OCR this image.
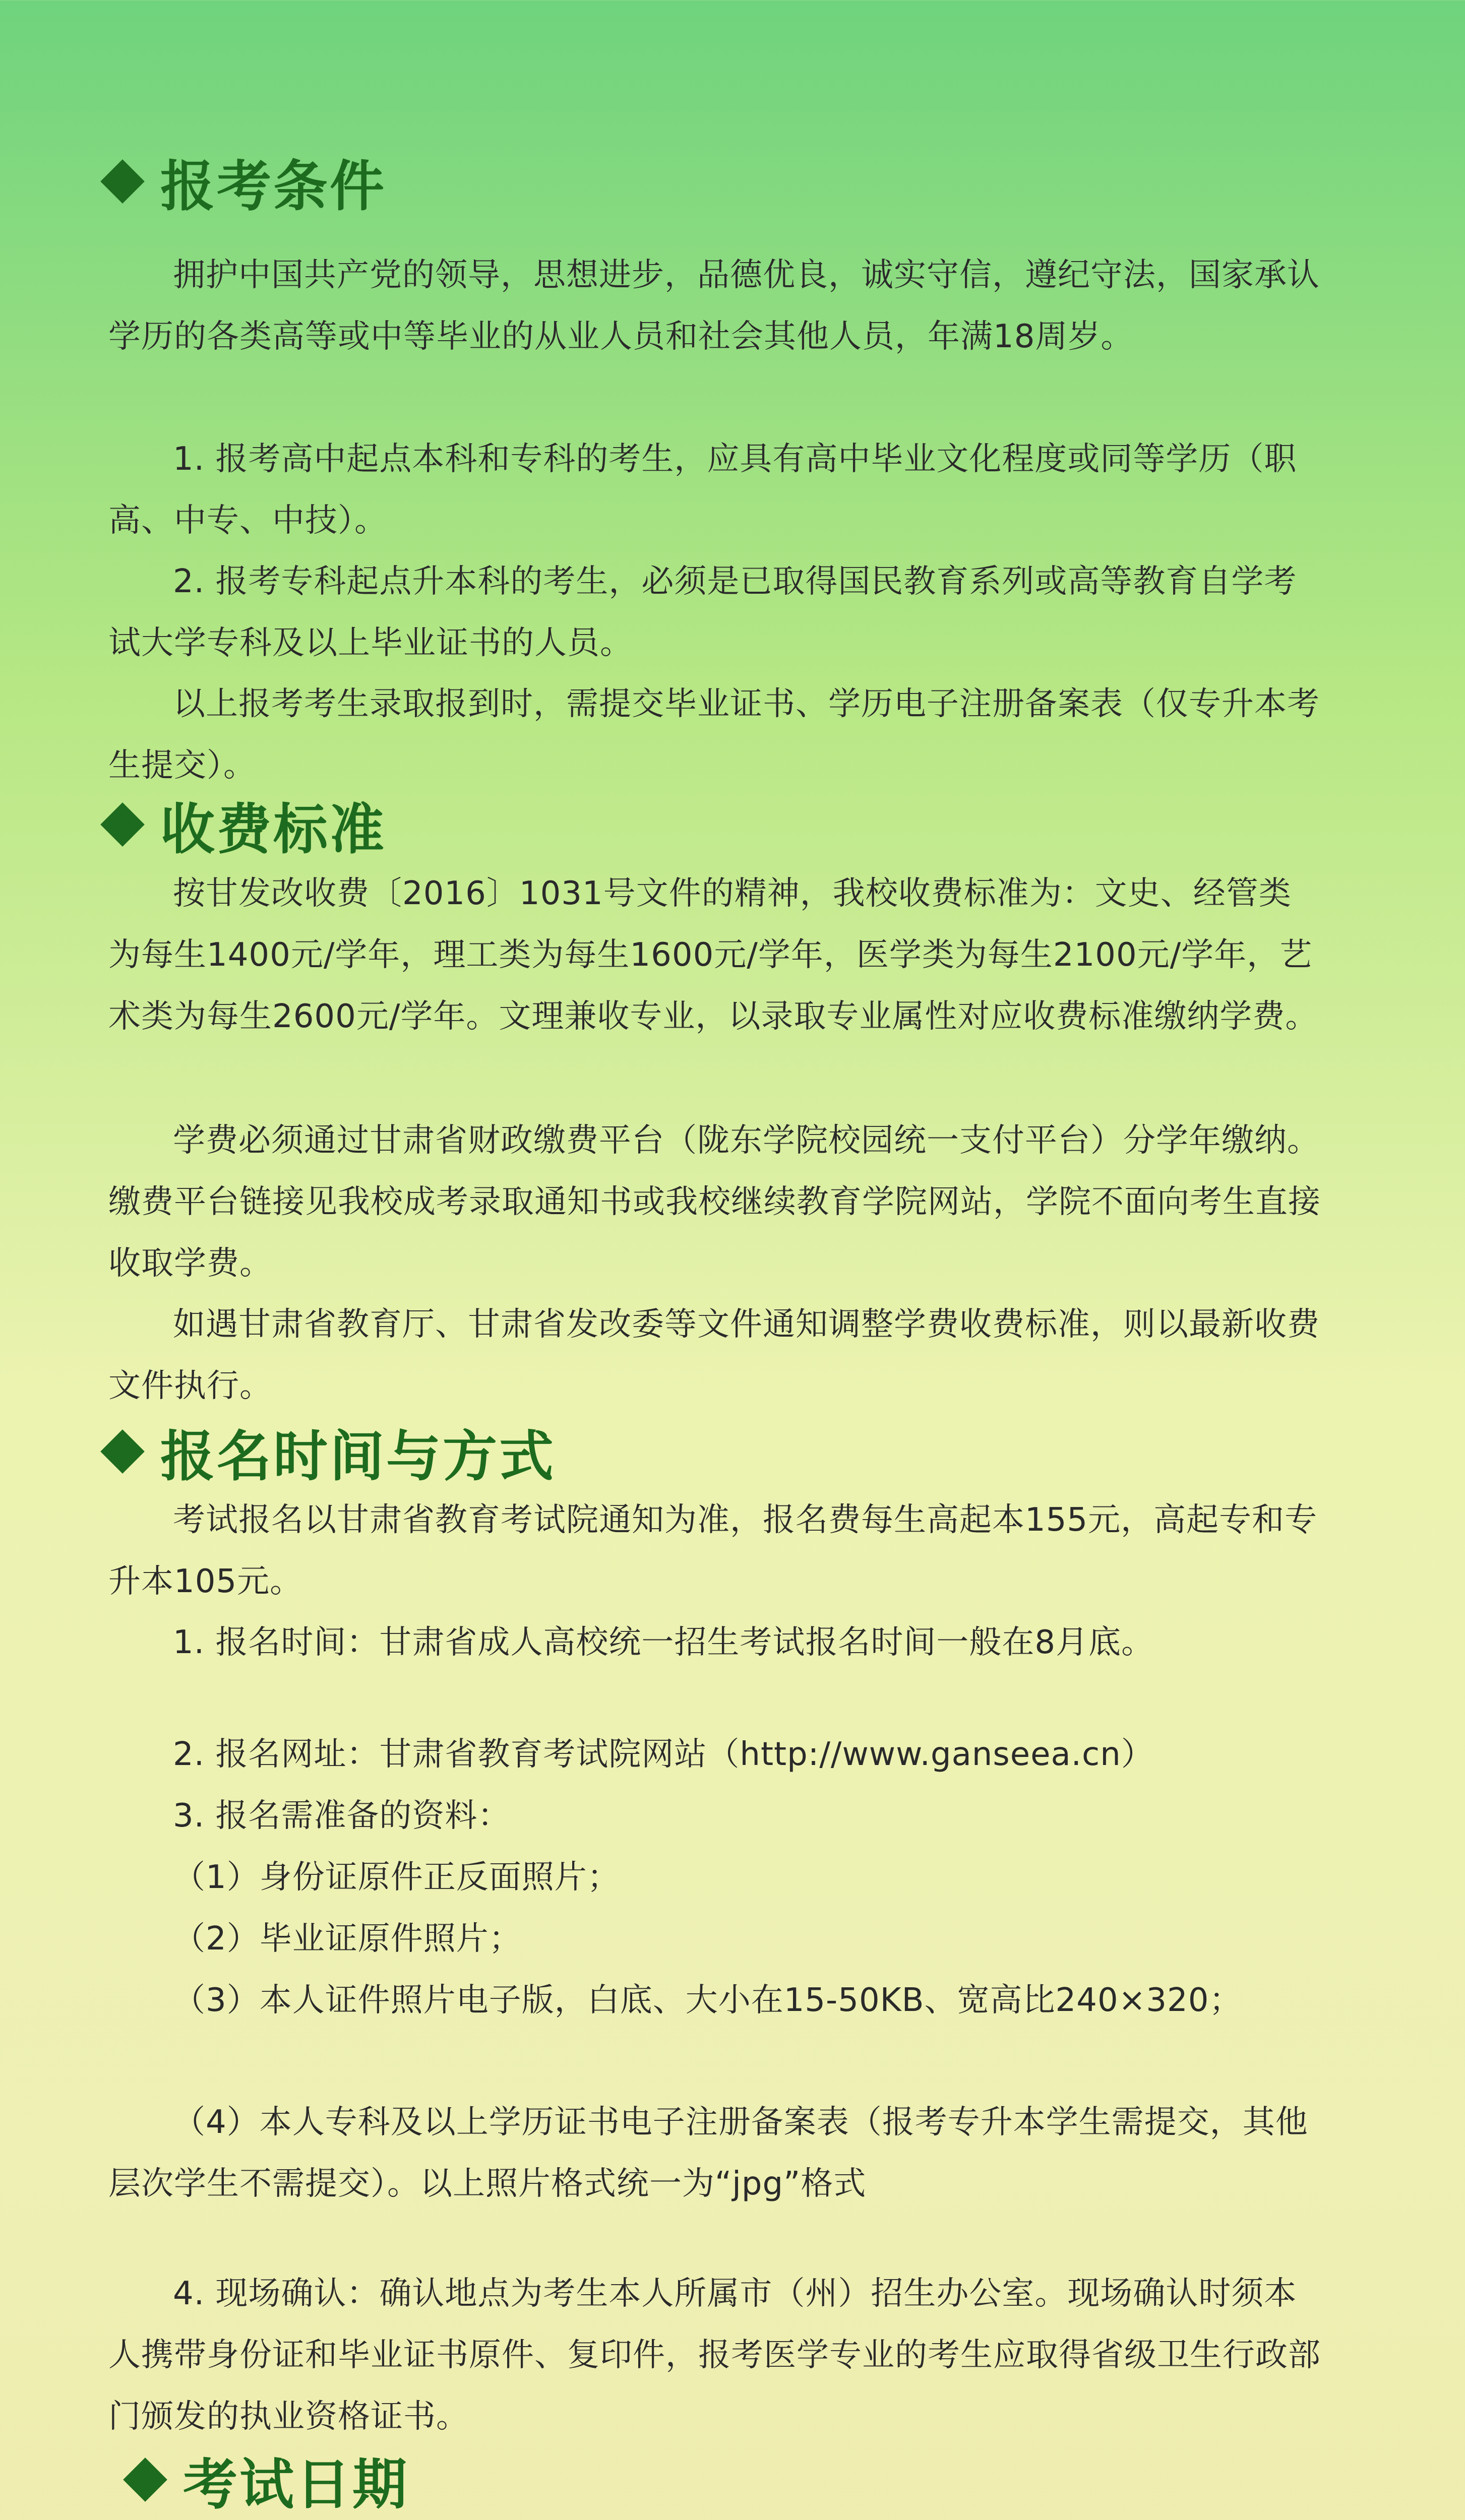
报考条件
拥护中国共产党的领导，思想进步，品德优良，诚实守信，遵纪守法，国家承认学历的各类高等或中等毕业的从业人员和社会其他人员，年满18周岁。
1. 报考高中起点本科和专科的考生，应具有高中毕业文化程度或同等学历（职高、中专、中技）。
2. 报考专科起点升本科的考生，必须是已取得国民教育系列或高等教育自学考试大学专科及以上毕业证书的人员。
以上报考考生录取报到时，需提交毕业证书、学历电子注册备案表（仅专升本考生提交）。
收费标准
按甘发改收费〔2016〕1031号文件的精神，我校收费标准为：文史、经管类为每生1400元/学年，理工类为每生1600元/学年，医学类为每生2100元/学年，艺术类为每生2600元/学年。文理兼收专业，以录取专业属性对应收费标准缴纳学费。
学费必须通过甘肃省财政缴费平台（陇东学院校园统一支付平台）分学年缴纳。缴费平台链接见我校成考录取通知书或我校继续教育学院网站，学院不面向考生直接收取学费。
如遇甘肃省教育厅、甘肃省发改委等文件通知调整学费收费标准，则以最新收费文件执行。
报名时间与方式
考试报名以甘肃省教育考试院通知为准，报名费每生高起本155元，高起专和专升本105元。
1. 报名时间：甘肃省成人高校统一招生考试报名时间一般在8月底。
2. 报名网址：甘肃省教育考试院网站（http://www.ganseea.cn）
3. 报名需准备的资料：
（1）身份证原件正反面照片；
（2）毕业证原件照片；
（3）本人证件照片电子版，白底、大小在15-50KB、宽高比240×320；
（4）本人专科及以上学历证书电子注册备案表（报考专升本学生需提交，其他层次学生不需提交）。以上照片格式统一为“jpg”格式
4. 现场确认：确认地点为考生本人所属市（州）招生办公室。现场确认时须本人携带身份证和毕业证书原件、复印件，报考医学专业的考生应取得省级卫生行政部门颁发的执业资格证书。
考试日期
